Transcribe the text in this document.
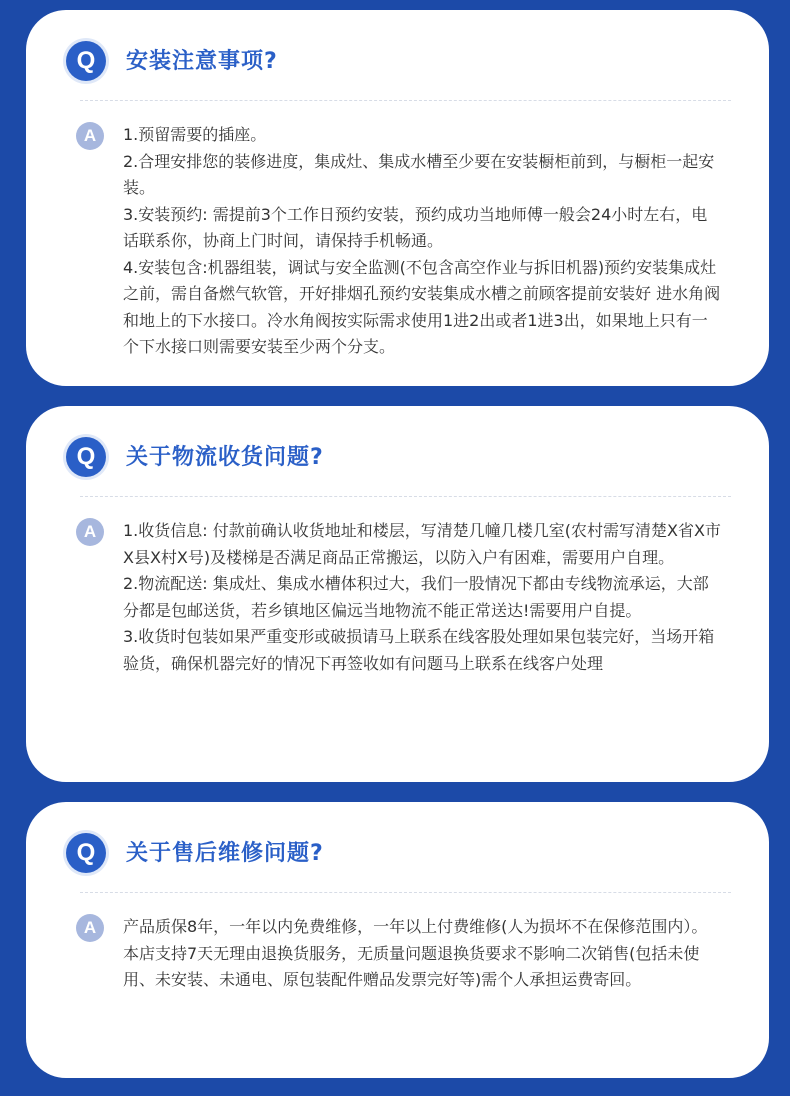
Q	安装注意事项?
A	1.预留需要的插座。

2.合理安排您的装修进度，集成灶、集成水槽至少要在安装橱柜前到，与橱柜一起安装。

3.安装预约: 需提前3个工作日预约安装，预约成功当地师傅一般会24小时左右，电话联系你，协商上门时间，请保持手机畅通。

4.安装包含:机器组装，调试与安全监测(不包含高空作业与拆旧机器)预约安装集成灶之前，需自备燃气软管，开好排烟孔预约安装集成水槽之前顾客提前安装好 进水角阀和地上的下水接口。冷水角阀按实际需求使用1进2出或者1进3出，如果地上只有一个下水接口则需要安装至少两个分支。

Q	关于物流收货问题?
A	1.收货信息: 付款前确认收货地址和楼层，写清楚几幢几楼几室(农村需写清楚X省X市X县X村X号)及楼梯是否满足商品正常搬运，以防入户有困难，需要用户自理。

2.物流配送: 集成灶、集成水槽体积过大，我们一股情况下都由专线物流承运，大部分都是包邮送货，若乡镇地区偏远当地物流不能正常送达!需要用户自提。

3.收货时包装如果严重变形或破损请马上联系在线客股处理如果包装完好，当场开箱验货，确保机器完好的情况下再签收如有问题马上联系在线客户处理

Q	关于售后维修问题?
A	产品质保8年，一年以内免费维修，一年以上付费维修(人为损坏不在保修范围内）。

本店支持7天无理由退换货服务，无质量问题退换货要求不影响二次销售(包括未使用、未安装、未通电、原包装配件赠品发票完好等)需个人承担运费寄回。
